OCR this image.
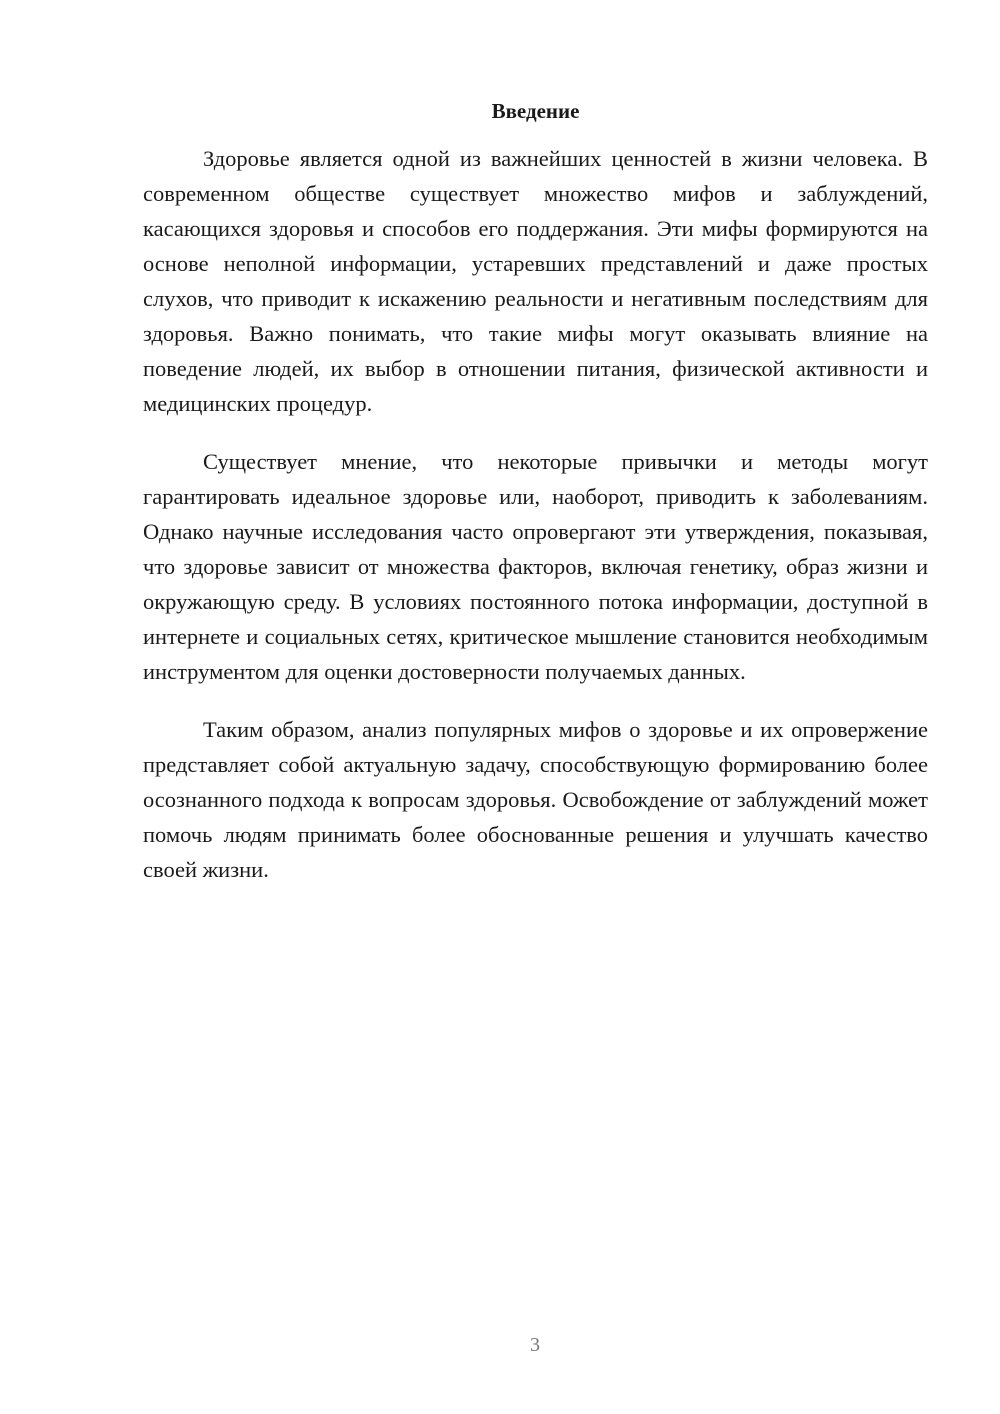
Введение

Здоровье является одной из важнейших ценностей в жизни человека. В современном обществе существует множество мифов и заблуждений, касающихся здоровья и способов его поддержания. Эти мифы формируются на основе неполной информации, устаревших представлений и даже простых слухов, что приводит к искажению реальности и негативным последствиям для здоровья. Важно понимать, что такие мифы могут оказывать влияние на поведение людей, их выбор в отношении питания, физической активности и медицинских процедур.

Существует мнение, что некоторые привычки и методы могут гарантировать идеальное здоровье или, наоборот, приводить к заболеваниям. Однако научные исследования часто опровергают эти утверждения, показывая, что здоровье зависит от множества факторов, включая генетику, образ жизни и окружающую среду. В условиях постоянного потока информации, доступной в интернете и социальных сетях, критическое мышление становится необходимым инструментом для оценки достоверности получаемых данных.

Таким образом, анализ популярных мифов о здоровье и их опровержение представляет собой актуальную задачу, способствующую формированию более осознанного подхода к вопросам здоровья. Освобождение от заблуждений может помочь людям принимать более обоснованные решения и улучшать качество своей жизни.

3
